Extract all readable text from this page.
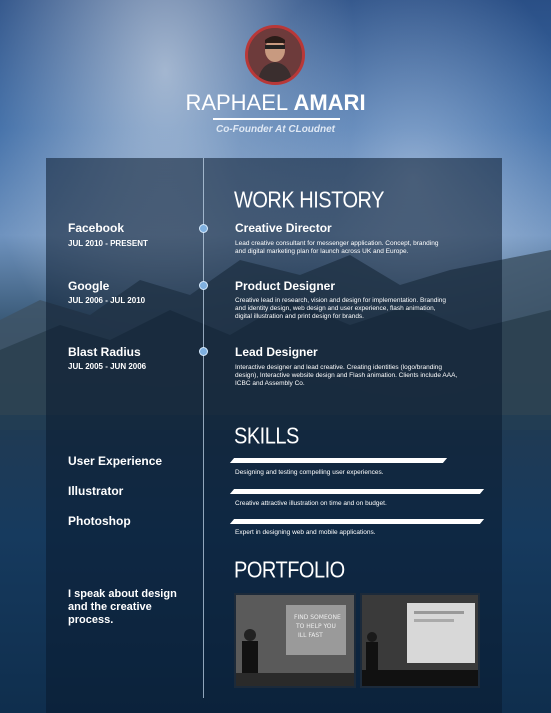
RAPHAEL AMARI
Co-Founder At CLoudnet
WORK HISTORY
Facebook
JUL 2010 - PRESENT
Creative Director
Lead creative consultant for messenger application. Concept, branding
and digital marketing plan for launch across UK and Europe.
Google
JUL 2006 - JUL 2010
Product Designer
Creative lead in research, vision and design for implementation. Branding
and identity design, web design and user experience, flash animation,
digital illustration and print design for brands.
Blast Radius
JUL 2005 - JUN 2006
Lead Designer
Interactive designer and lead creative. Creating identities (logo/branding
design), Interactive website design and Flash animation. Clients include AAA,
ICBC and Assembly Co.
SKILLS
User Experience
Designing and testing compelling user experiences.
Illustrator
Creative attractive illustration on time and on budget.
Photoshop
Expert in designing web and mobile applications.
PORTFOLIO
I speak about design and the creative process.	FIND SOMEONE
TO HELP YOU
ILL FAST
